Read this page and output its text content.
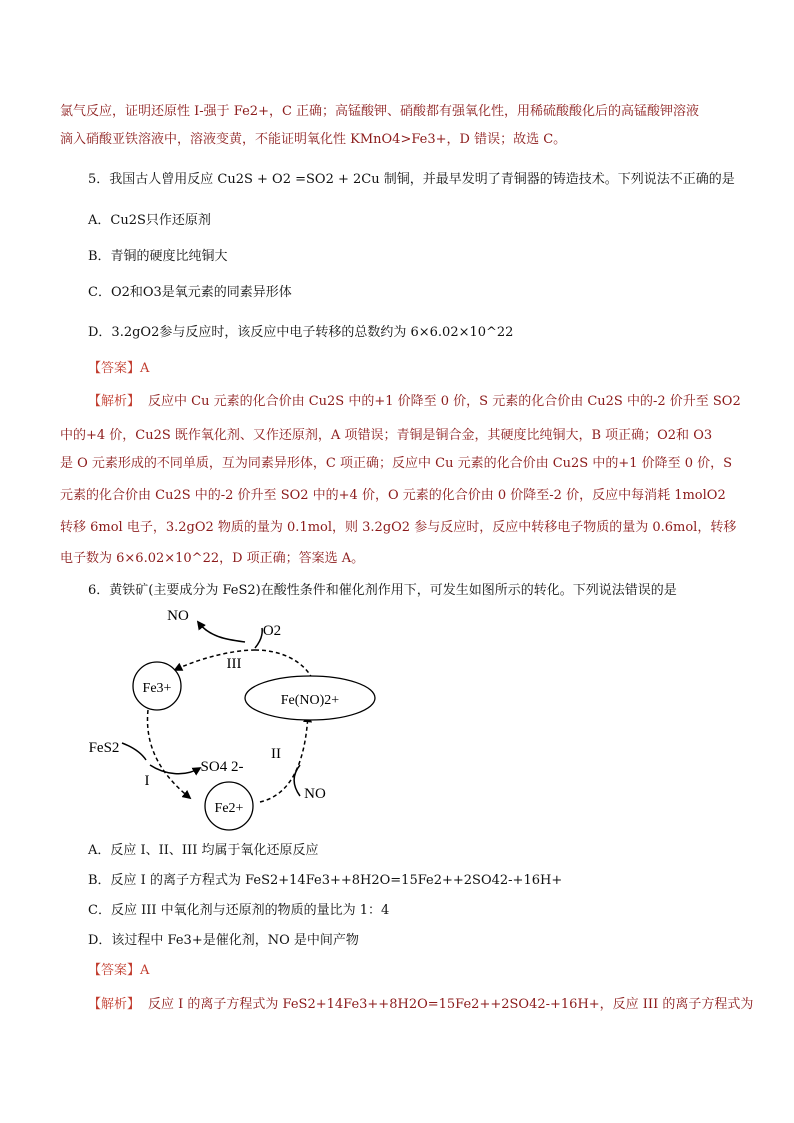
氯气反应，证明还原性 I-强于 Fe2+，C 正确；高锰酸钾、硝酸都有强氧化性，用稀硫酸酸化后的高锰酸钾溶液
滴入硝酸亚铁溶液中，溶液变黄，不能证明氧化性 KMnO4>Fe3+，D 错误；故选 C。
5．我国古人曾用反应 Cu2S + O2 =SO2 + 2Cu 制铜，并最早发明了青铜器的铸造技术。下列说法不正确的是
A．Cu2S只作还原剂
B．青铜的硬度比纯铜大
C．O2和O3是氧元素的同素异形体
D．3.2gO2参与反应时，该反应中电子转移的总数约为 6×6.02×10^22
【答案】A
【解析】 反应中 Cu 元素的化合价由 Cu2S 中的+1 价降至 0 价，S 元素的化合价由 Cu2S 中的-2 价升至 SO2
中的+4 价，Cu2S 既作氧化剂、又作还原剂，A 项错误；青铜是铜合金，其硬度比纯铜大，B 项正确；O2和 O3
是 O 元素形成的不同单质，互为同素异形体，C 项正确；反应中 Cu 元素的化合价由 Cu2S 中的+1 价降至 0 价，S
元素的化合价由 Cu2S 中的-2 价升至 SO2 中的+4 价，O 元素的化合价由 0 价降至-2 价，反应中每消耗 1molO2
转移 6mol 电子，3.2gO2 物质的量为 0.1mol，则 3.2gO2 参与反应时，反应中转移电子物质的量为 0.6mol，转移
电子数为 6×6.02×10^22，D 项正确；答案选 A。
6．黄铁矿(主要成分为 FeS2)在酸性条件和催化剂作用下，可发生如图所示的转化。下列说法错误的是
Fe3+
Fe(NO)2+
Fe2+
NO
O2
III
FeS2
SO4 2-
II
I
NO
A．反应 I、II、III 均属于氧化还原反应
B．反应 I 的离子方程式为 FeS2+14Fe3++8H2O=15Fe2++2SO42-+16H+
C．反应 III 中氧化剂与还原剂的物质的量比为 1：4
D．该过程中 Fe3+是催化剂，NO 是中间产物
【答案】A
【解析】 反应 I 的离子方程式为 FeS2+14Fe3++8H2O=15Fe2++2SO42-+16H+，反应 III 的离子方程式为
